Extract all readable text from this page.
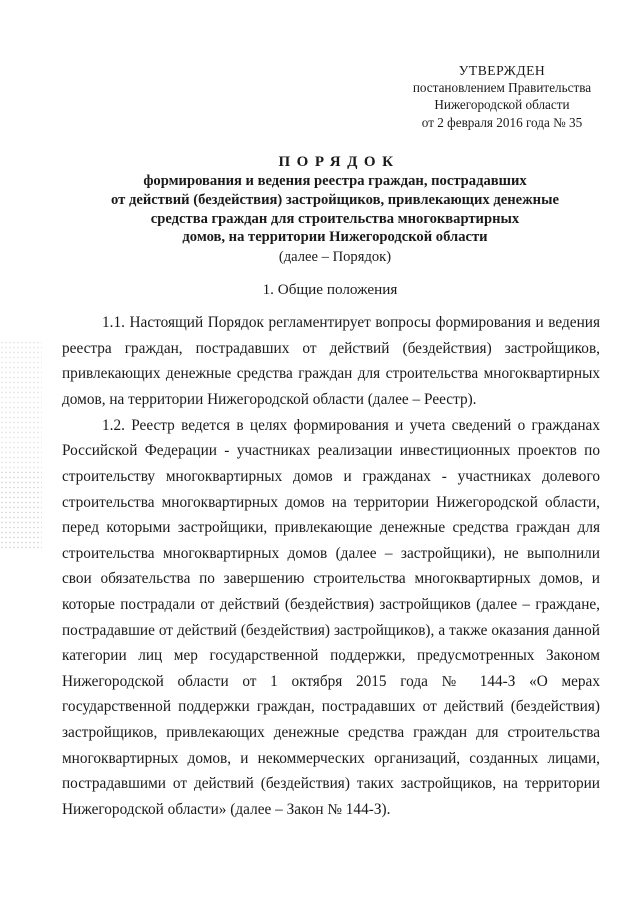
УТВЕРЖДЕН
постановлением Правительства
Нижегородской области
от 2 февраля 2016 года № 35
ПОРЯДОК
формирования и ведения реестра граждан, пострадавших
от действий (бездействия) застройщиков, привлекающих денежные
средства граждан для строительства многоквартирных
домов, на территории Нижегородской области
(далее – Порядок)
1. Общие положения

1.1. Настоящий Порядок регламентирует вопросы формирования и ведения реестра граждан, пострадавших от действий (бездействия) застройщиков, привлекающих денежные средства граждан для строительства многоквартирных домов, на территории Нижегородской области (далее – Реестр).

1.2. Реестр ведется в целях формирования и учета сведений о гражданах Российской Федерации - участниках реализации инвестиционных проектов по строительству многоквартирных домов и гражданах - участниках долевого строительства многоквартирных домов на территории Нижегородской области, перед которыми застройщики, привлекающие денежные средства граждан для строительства многоквартирных домов (далее – застройщики), не выполнили свои обязательства по завершению строительства многоквартирных домов, и которые пострадали от действий (бездействия) застройщиков (далее – граждане, пострадавшие от действий (бездействия) застройщиков), а также оказания данной категории лиц мер государственной поддержки, предусмотренных Законом Нижегородской области от 1 октября 2015 года № 144-З «О мерах государственной поддержки граждан, пострадавших от действий (бездействия) застройщиков, привлекающих денежные средства граждан для строительства многоквартирных домов, и некоммерческих организаций, созданных лицами, пострадавшими от действий (бездействия) таких застройщиков, на территории Нижегородской области» (далее – Закон № 144-З).
